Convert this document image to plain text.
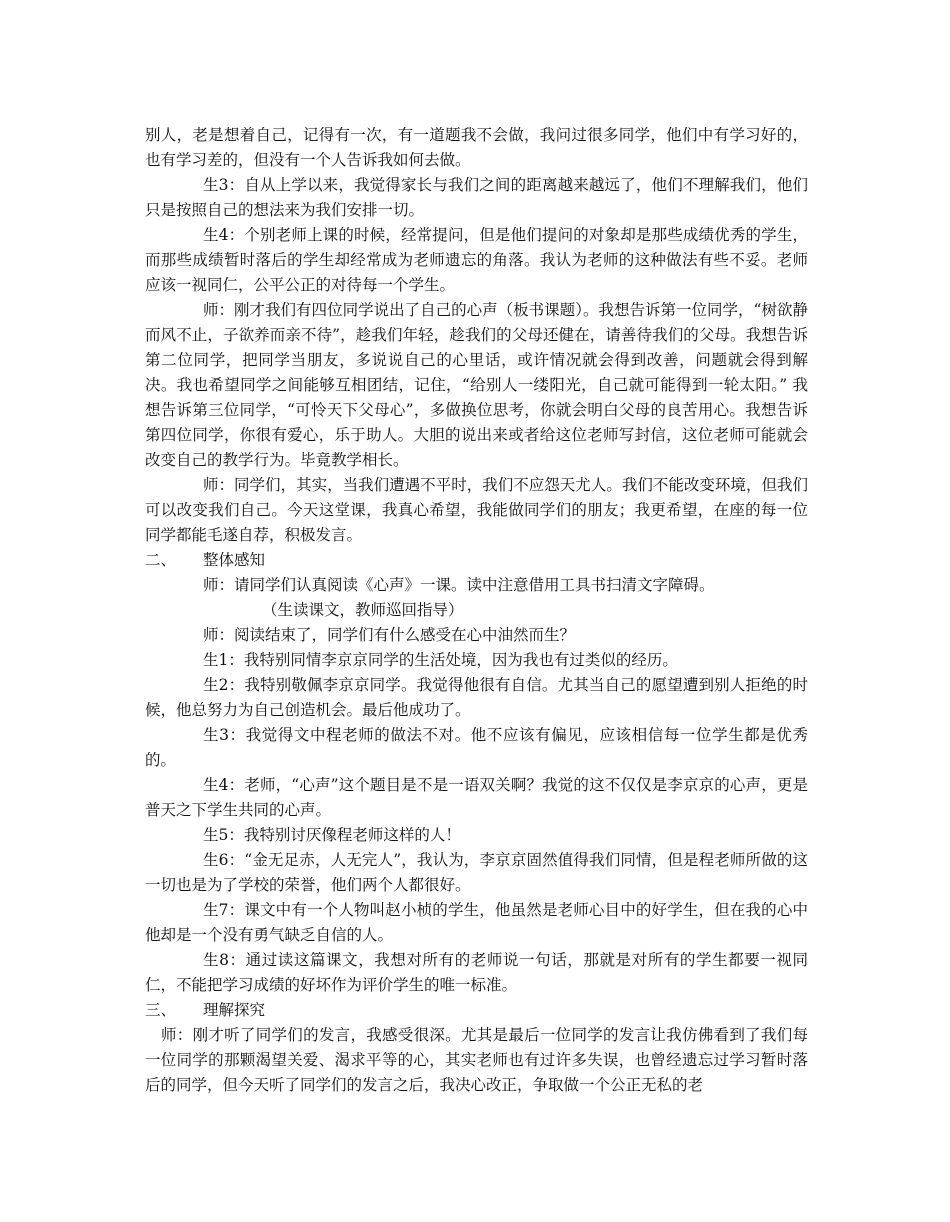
别人，老是想着自己，记得有一次，有一道题我不会做，我问过很多同学，他们中有学习好的，也有学习差的，但没有一个人告诉我如何去做。

生3：自从上学以来，我觉得家长与我们之间的距离越来越远了，他们不理解我们，他们只是按照自己的想法来为我们安排一切。

生4：个别老师上课的时候，经常提问，但是他们提问的对象却是那些成绩优秀的学生，而那些成绩暂时落后的学生却经常成为老师遗忘的角落。我认为老师的这种做法有些不妥。老师应该一视同仁，公平公正的对待每一个学生。

师：刚才我们有四位同学说出了自己的心声（板书课题）。我想告诉第一位同学，“树欲静而风不止，子欲养而亲不待”，趁我们年轻，趁我们的父母还健在，请善待我们的父母。我想告诉第二位同学，把同学当朋友，多说说自己的心里话，或许情况就会得到改善，问题就会得到解决。我也希望同学之间能够互相团结，记住，“给别人一缕阳光，自己就可能得到一轮太阳。” 我想告诉第三位同学，“可怜天下父母心”，多做换位思考，你就会明白父母的良苦用心。我想告诉第四位同学，你很有爱心，乐于助人。大胆的说出来或者给这位老师写封信，这位老师可能就会改变自己的教学行为。毕竟教学相长。

师：同学们，其实，当我们遭遇不平时，我们不应怨天尤人。我们不能改变环境，但我们可以改变我们自己。今天这堂课，我真心希望，我能做同学们的朋友；我更希望，在座的每一位同学都能毛遂自荐，积极发言。

二、 整体感知

师：请同学们认真阅读《心声》一课。读中注意借用工具书扫清文字障碍。

（生读课文，教师巡回指导）

师：阅读结束了，同学们有什么感受在心中油然而生？

生1：我特别同情李京京同学的生活处境，因为我也有过类似的经历。

生2：我特别敬佩李京京同学。我觉得他很有自信。尤其当自己的愿望遭到别人拒绝的时候，他总努力为自己创造机会。最后他成功了。

生3：我觉得文中程老师的做法不对。他不应该有偏见，应该相信每一位学生都是优秀的。

生4：老师，“心声”这个题目是不是一语双关啊？我觉的这不仅仅是李京京的心声，更是普天之下学生共同的心声。

生5：我特别讨厌像程老师这样的人！

生6：“金无足赤，人无完人”，我认为，李京京固然值得我们同情，但是程老师所做的这一切也是为了学校的荣誉，他们两个人都很好。

生7：课文中有一个人物叫赵小桢的学生，他虽然是老师心目中的好学生，但在我的心中他却是一个没有勇气缺乏自信的人。

生8：通过读这篇课文，我想对所有的老师说一句话，那就是对所有的学生都要一视同仁，不能把学习成绩的好坏作为评价学生的唯一标准。

三、 理解探究

师：刚才听了同学们的发言，我感受很深。尤其是最后一位同学的发言让我仿佛看到了我们每一位同学的那颗渴望关爱、渴求平等的心，其实老师也有过许多失误，也曾经遗忘过学习暂时落后的同学，但今天听了同学们的发言之后，我决心改正，争取做一个公正无私的老
